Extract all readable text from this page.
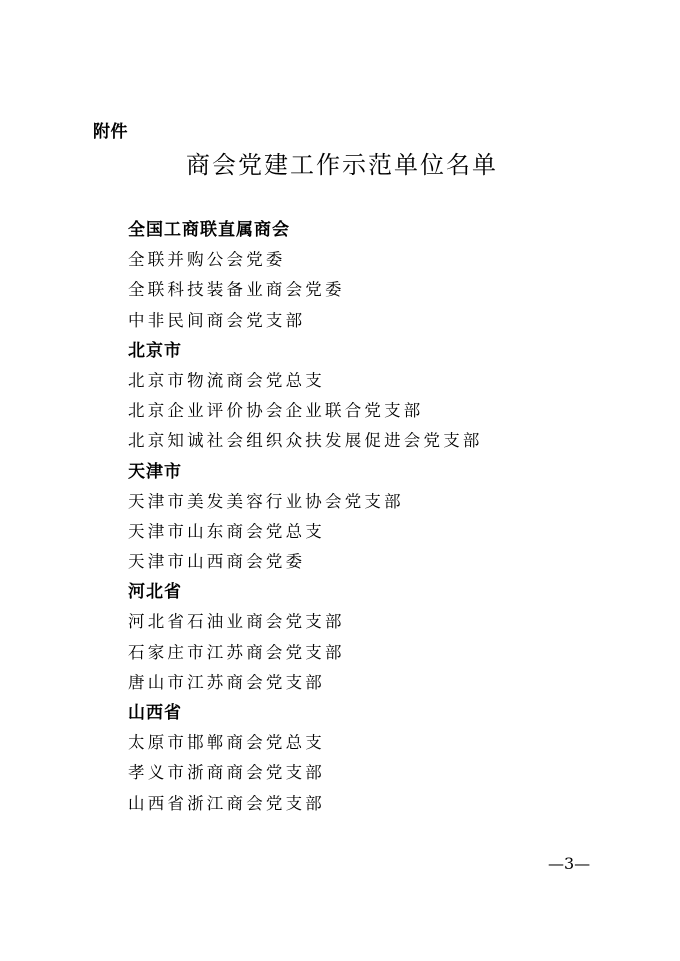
附件
商会党建工作示范单位名单
全国工商联直属商会
全联并购公会党委
全联科技装备业商会党委
中非民间商会党支部
北京市
北京市物流商会党总支
北京企业评价协会企业联合党支部
北京知诚社会组织众扶发展促进会党支部
天津市
天津市美发美容行业协会党支部
天津市山东商会党总支
天津市山西商会党委
河北省
河北省石油业商会党支部
石家庄市江苏商会党支部
唐山市江苏商会党支部
山西省
太原市邯郸商会党总支
孝义市浙商商会党支部
山西省浙江商会党支部
—3—
